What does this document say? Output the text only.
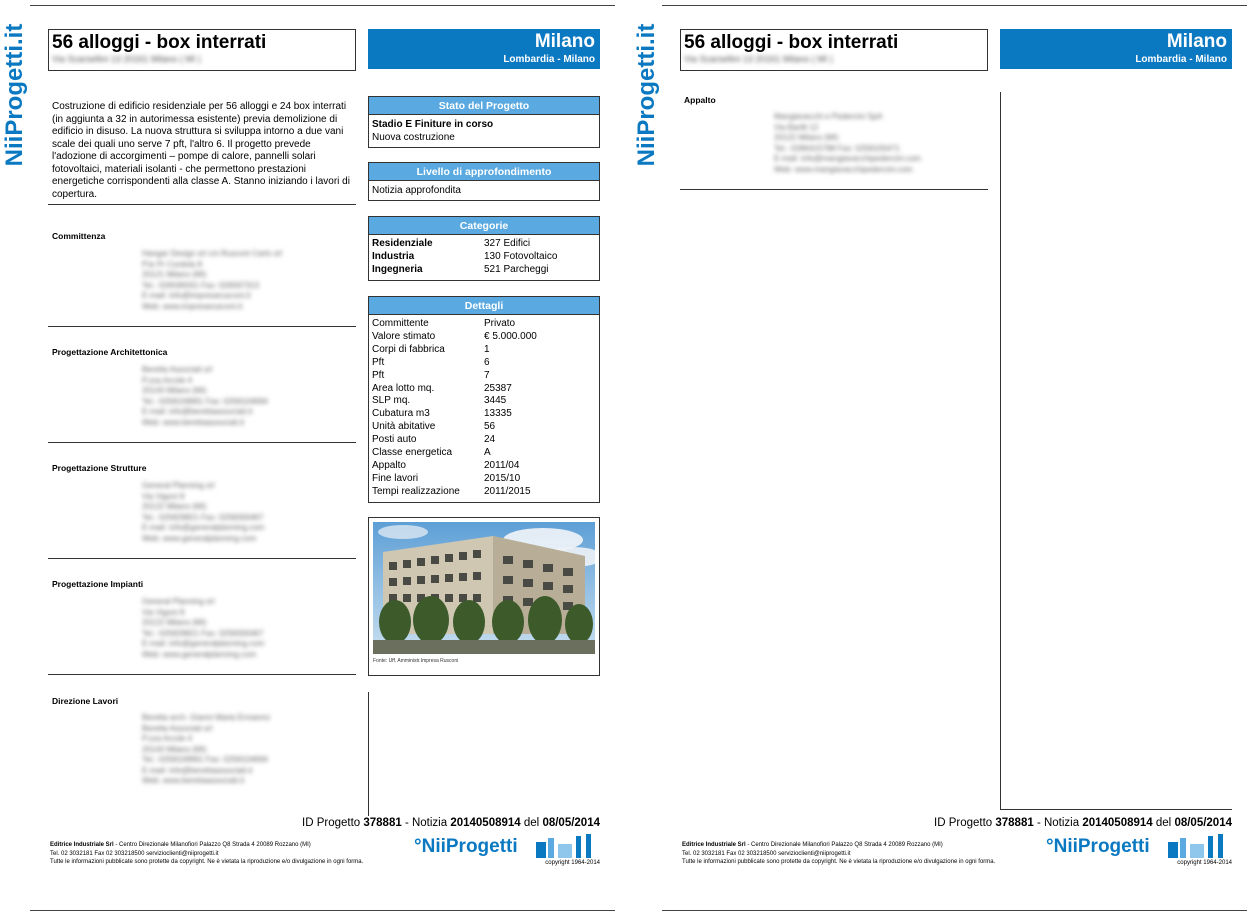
NiiProgetti.it 56 alloggi - box interrati
Via Scarsellini 13 20161 Milano ( MI )
Milano
Lombardia - Milano
Costruzione di edificio residenziale per 56 alloggi e 24 box interrati (in aggiunta a 32 in autorimessa esistente) previa demolizione di edificio in disuso. La nuova struttura si sviluppa intorno a due vani scale dei quali uno serve 7 pft, l'altro 6. Il progetto prevede l'adozione di accorgimenti – pompe di calore, pannelli solari fotovoltaici, materiali isolanti - che permettono prestazioni energetiche corrispondenti alla classe A. Stanno iniziando i lavori di copertura.
Committenza
Hangar Design srl c/o Rusconi Carlo srl
P.le Pr Cordola 8
20121 Milano (MI)
Tel.: 026599331 Fax: 026597313
E-mail: info@impresarusconi.it
Web: www.impresarusconi.it
Progettazione Architettonica
Beretta Associati srl
P.zza Arcole 4
20143 Milano (MI)
Tel.: 0258109991 Fax: 0258104694
E-mail: info@berettaassociati.it
Web: www.berettaassociati.it
Progettazione Strutture
General Planning srl
Via Vigoni 8
20122 Milano (MI)
Tel.: 025829821 Fax: 0258300467
E-mail: info@generalplanning.com
Web: www.generalplanning.com
Progettazione Impianti
General Planning srl
Via Vigoni 8
20122 Milano (MI)
Tel.: 025829821 Fax: 0258300467
E-mail: info@generalplanning.com
Web: www.generalplanning.com
Direzione Lavori
Beretta arch. Gianni Maria Ermanno
Beretta Associati srl
P.zza Arcole 4
20143 Milano (MI)
Tel.: 0258109991 Fax: 0258104694
E-mail: info@berettaassociati.it
Web: www.berettaassociati.it
Stato del Progetto
Stadio E Finiture in corso
Nuova costruzione
Livello di approfondimento
Notizia approfondita
Categorie
Residenziale	327 Edifici
Industria	130 Fotovoltaico
Ingegneria	521 Parcheggi
Dettagli
Committente	Privato
Valore stimato	€ 5.000.000
Corpi di fabbrica	1
Pft	6
Pft	7
Area lotto mq.	25387
SLP mq.	3445
Cubatura m3	13335
Unità abitative	56
Posti auto	24
Classe energetica	A
Appalto	2011/04
Fine lavori	2015/10
Tempi realizzazione	2011/2015
Fonte: Uff. Amministr.Impresa Rusconi
ID Progetto 378881 - Notizia 20140508914 del 08/05/2014
Editrice Industriale Srl - Centro Direzionale Milanofiori Palazzo Q8 Strada 4 20089 Rozzano (MI)
Tel. 02 3032181 Fax 02 303218500 servizioclienti@niiprogetti.it
Tutte le informazioni pubblicate sono protette da copyright. Ne è vietata la riproduzione e/o divulgazione in ogni forma.
°NiiProgetti
copyright 1964-2014
NiiProgetti.it 56 alloggi - box interrati
Via Scarsellini 13 20161 Milano ( MI )
Milano
Lombardia - Milano
Appalto
Mangiavacchi e Pedercini SpA
Via Barilli 12
20122 Milano (MI)
Tel.: 0286415788 Fax: 0258105471
E-mail: info@mangiavacchipedercini.com
Web: www.mangiavacchipedercini.com
ID Progetto 378881 - Notizia 20140508914 del 08/05/2014
Editrice Industriale Srl - Centro Direzionale Milanofiori Palazzo Q8 Strada 4 20089 Rozzano (MI)
Tel. 02 3032181 Fax 02 303218500 servizioclienti@niiprogetti.it
Tutte le informazioni pubblicate sono protette da copyright. Ne è vietata la riproduzione e/o divulgazione in ogni forma.
°NiiProgetti
copyright 1964-2014
